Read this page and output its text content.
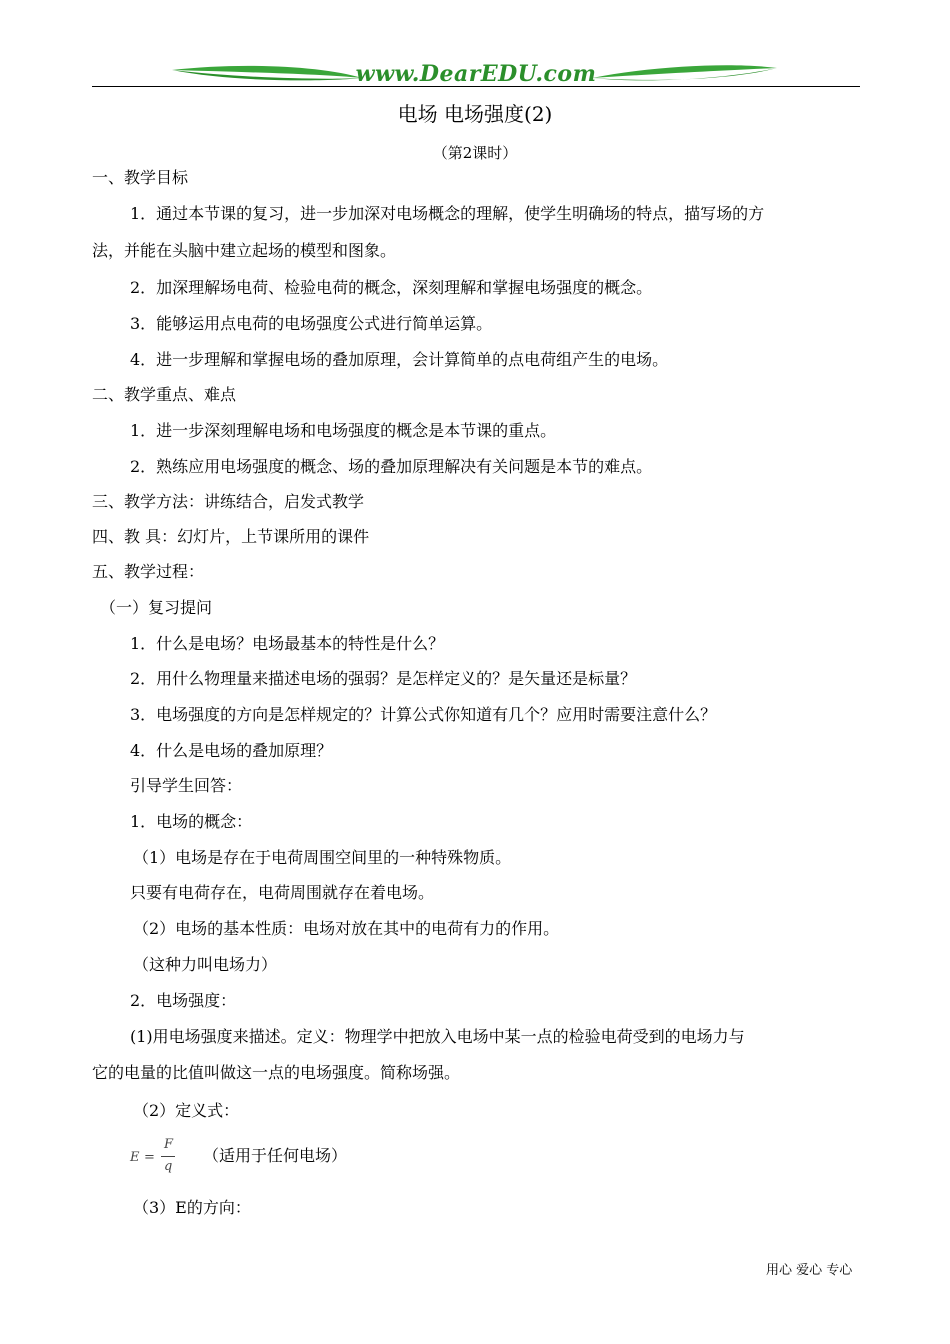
www.DearEDU.com
电场 电场强度(2)
（第2课时）
一、教学目标
1．通过本节课的复习，进一步加深对电场概念的理解，使学生明确场的特点，描写场的方
法，并能在头脑中建立起场的模型和图象。
2．加深理解场电荷、检验电荷的概念，深刻理解和掌握电场强度的概念。
3．能够运用点电荷的电场强度公式进行简单运算。
4．进一步理解和掌握电场的叠加原理，会计算简单的点电荷组产生的电场。
二、教学重点、难点
1．进一步深刻理解电场和电场强度的概念是本节课的重点。
2．熟练应用电场强度的概念、场的叠加原理解决有关问题是本节的难点。
三、教学方法：讲练结合，启发式教学
四、教 具：幻灯片，上节课所用的课件
五、教学过程：
（一）复习提问
1．什么是电场？电场最基本的特性是什么？
2．用什么物理量来描述电场的强弱？是怎样定义的？是矢量还是标量？
3．电场强度的方向是怎样规定的？计算公式你知道有几个？应用时需要注意什么？
4．什么是电场的叠加原理？
引导学生回答：
1．电场的概念：
（1）电场是存在于电荷周围空间里的一种特殊物质。
只要有电荷存在，电荷周围就存在着电场。
（2）电场的基本性质：电场对放在其中的电荷有力的作用。
（这种力叫电场力）
2．电场强度：
(1)用电场强度来描述。定义：物理学中把放入电场中某一点的检验电荷受到的电场力与
它的电量的比值叫做这一点的电场强度。简称场强。
（2）定义式：
E =
F
q
（适用于任何电场）
（3）E的方向：
用心 爱心 专心
